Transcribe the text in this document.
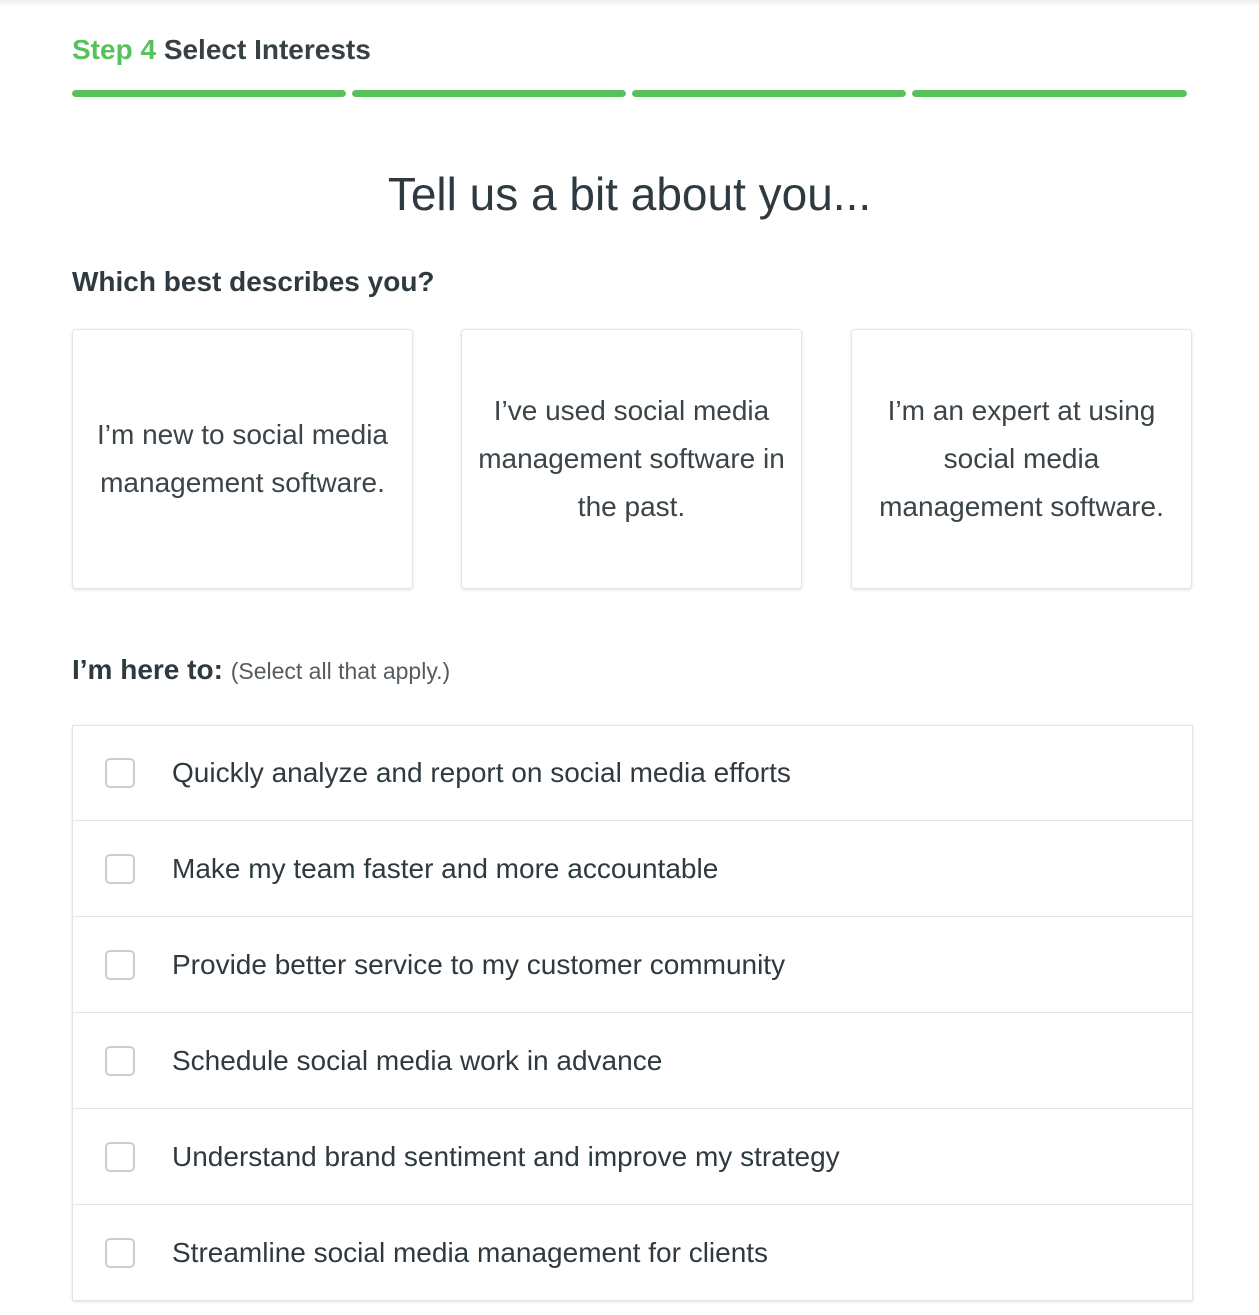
Step 4 Select Interests
Tell us a bit about you...
Which best describes you?
I’m new to social media management software.
I’ve used social media management software in the past.
I’m an expert at using social media management software.
I’m here to: (Select all that apply.)
Quickly analyze and report on social media efforts
Make my team faster and more accountable
Provide better service to my customer community
Schedule social media work in advance
Understand brand sentiment and improve my strategy
Streamline social media management for clients
